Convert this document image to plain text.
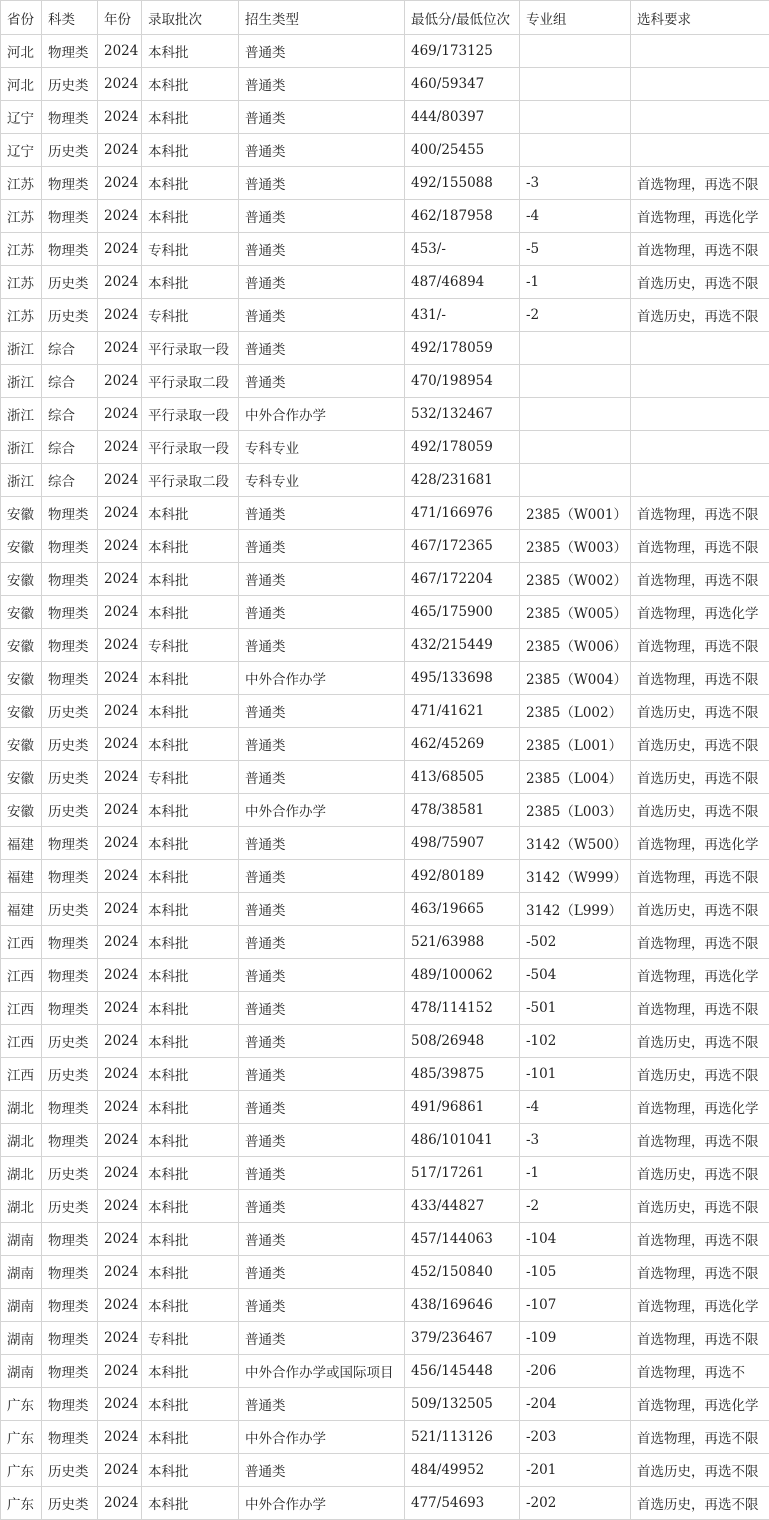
省份	科类	年份	录取批次	招生类型	最低分/最低位次	专业组	选科要求
河北	物理类	2024	本科批	普通类	469/173125		
河北	历史类	2024	本科批	普通类	460/59347		
辽宁	物理类	2024	本科批	普通类	444/80397		
辽宁	历史类	2024	本科批	普通类	400/25455		
江苏	物理类	2024	本科批	普通类	492/155088	-3	首选物理，再选不限
江苏	物理类	2024	本科批	普通类	462/187958	-4	首选物理，再选化学
江苏	物理类	2024	专科批	普通类	453/-	-5	首选物理，再选不限
江苏	历史类	2024	本科批	普通类	487/46894	-1	首选历史，再选不限
江苏	历史类	2024	专科批	普通类	431/-	-2	首选历史，再选不限
浙江	综合	2024	平行录取一段	普通类	492/178059		
浙江	综合	2024	平行录取二段	普通类	470/198954		
浙江	综合	2024	平行录取一段	中外合作办学	532/132467		
浙江	综合	2024	平行录取一段	专科专业	492/178059		
浙江	综合	2024	平行录取二段	专科专业	428/231681		
安徽	物理类	2024	本科批	普通类	471/166976	2385（W001）	首选物理，再选不限
安徽	物理类	2024	本科批	普通类	467/172365	2385（W003）	首选物理，再选不限
安徽	物理类	2024	本科批	普通类	467/172204	2385（W002）	首选物理，再选不限
安徽	物理类	2024	本科批	普通类	465/175900	2385（W005）	首选物理，再选化学
安徽	物理类	2024	专科批	普通类	432/215449	2385（W006）	首选物理，再选不限
安徽	物理类	2024	本科批	中外合作办学	495/133698	2385（W004）	首选物理，再选不限
安徽	历史类	2024	本科批	普通类	471/41621	2385（L002）	首选历史，再选不限
安徽	历史类	2024	本科批	普通类	462/45269	2385（L001）	首选历史，再选不限
安徽	历史类	2024	专科批	普通类	413/68505	2385（L004）	首选历史，再选不限
安徽	历史类	2024	本科批	中外合作办学	478/38581	2385（L003）	首选历史，再选不限
福建	物理类	2024	本科批	普通类	498/75907	3142（W500）	首选物理，再选化学
福建	物理类	2024	本科批	普通类	492/80189	3142（W999）	首选物理，再选不限
福建	历史类	2024	本科批	普通类	463/19665	3142（L999）	首选历史，再选不限
江西	物理类	2024	本科批	普通类	521/63988	-502	首选物理，再选不限
江西	物理类	2024	本科批	普通类	489/100062	-504	首选物理，再选化学
江西	物理类	2024	本科批	普通类	478/114152	-501	首选物理，再选不限
江西	历史类	2024	本科批	普通类	508/26948	-102	首选历史，再选不限
江西	历史类	2024	本科批	普通类	485/39875	-101	首选历史，再选不限
湖北	物理类	2024	本科批	普通类	491/96861	-4	首选物理，再选化学
湖北	物理类	2024	本科批	普通类	486/101041	-3	首选物理，再选不限
湖北	历史类	2024	本科批	普通类	517/17261	-1	首选历史，再选不限
湖北	历史类	2024	本科批	普通类	433/44827	-2	首选历史，再选不限
湖南	物理类	2024	本科批	普通类	457/144063	-104	首选物理，再选不限
湖南	物理类	2024	本科批	普通类	452/150840	-105	首选物理，再选不限
湖南	物理类	2024	本科批	普通类	438/169646	-107	首选物理，再选化学
湖南	物理类	2024	专科批	普通类	379/236467	-109	首选物理，再选不限
湖南	物理类	2024	本科批	中外合作办学或国际项目	456/145448	-206	首选物理，再选不
广东	物理类	2024	本科批	普通类	509/132505	-204	首选物理，再选化学
广东	物理类	2024	本科批	中外合作办学	521/113126	-203	首选物理，再选不限
广东	历史类	2024	本科批	普通类	484/49952	-201	首选历史，再选不限
广东	历史类	2024	本科批	中外合作办学	477/54693	-202	首选历史，再选不限
